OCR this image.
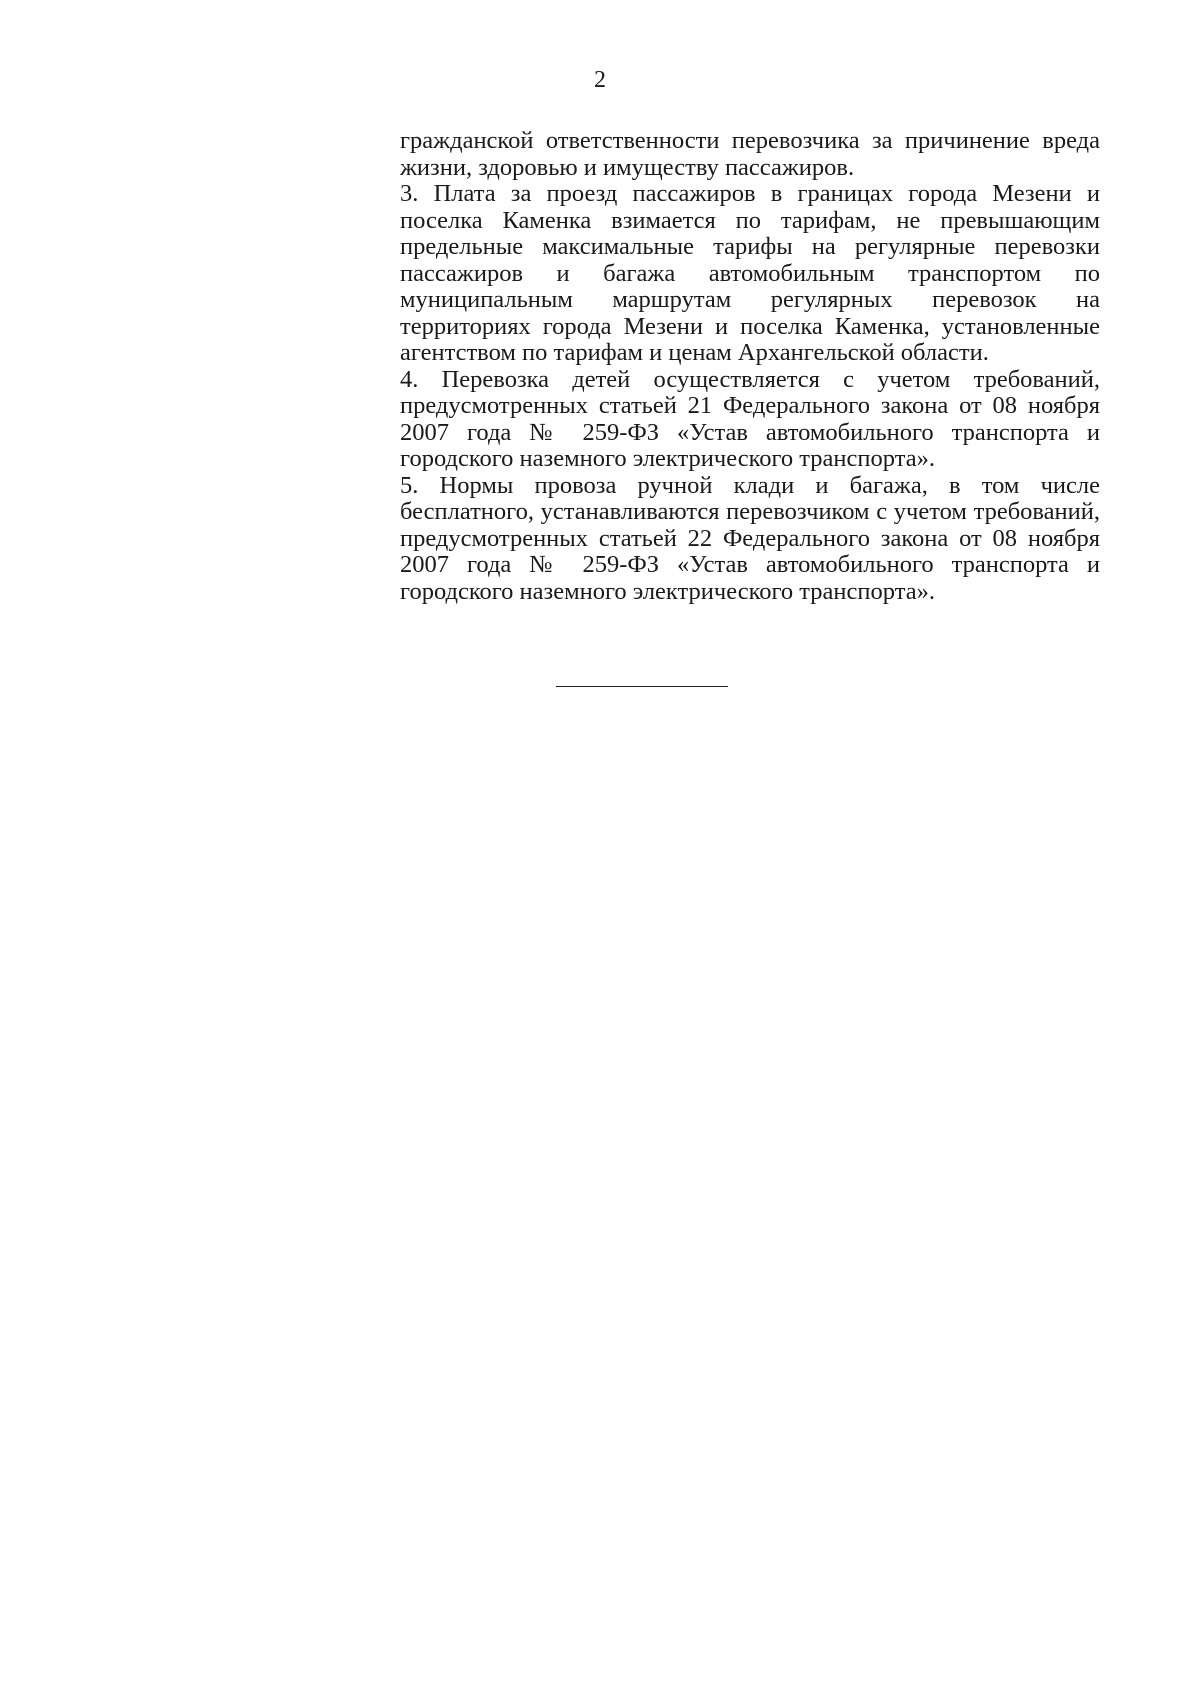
2

гражданской ответственности перевозчика за причинение вреда жизни, здоровью и имуществу пассажиров.

3. Плата за проезд пассажиров в границах города Мезени и поселка Каменка взимается по тарифам, не превышающим предельные максимальные тарифы на регулярные перевозки пассажиров и багажа автомобильным транспортом по муниципальным маршрутам регулярных перевозок на территориях города Мезени и поселка Каменка, установленные агентством по тарифам и ценам Архангельской области.

4. Перевозка детей осуществляется с учетом требований, предусмотренных статьей 21 Федерального закона от 08 ноября 2007 года № 259-ФЗ «Устав автомобильного транспорта и городского наземного электрического транспорта».

5. Нормы провоза ручной клади и багажа, в том числе бесплатного, устанавливаются перевозчиком с учетом требований, предусмотренных статьей 22 Федерального закона от 08 ноября 2007 года № 259-ФЗ «Устав автомобильного транспорта и городского наземного электрического транспорта».
